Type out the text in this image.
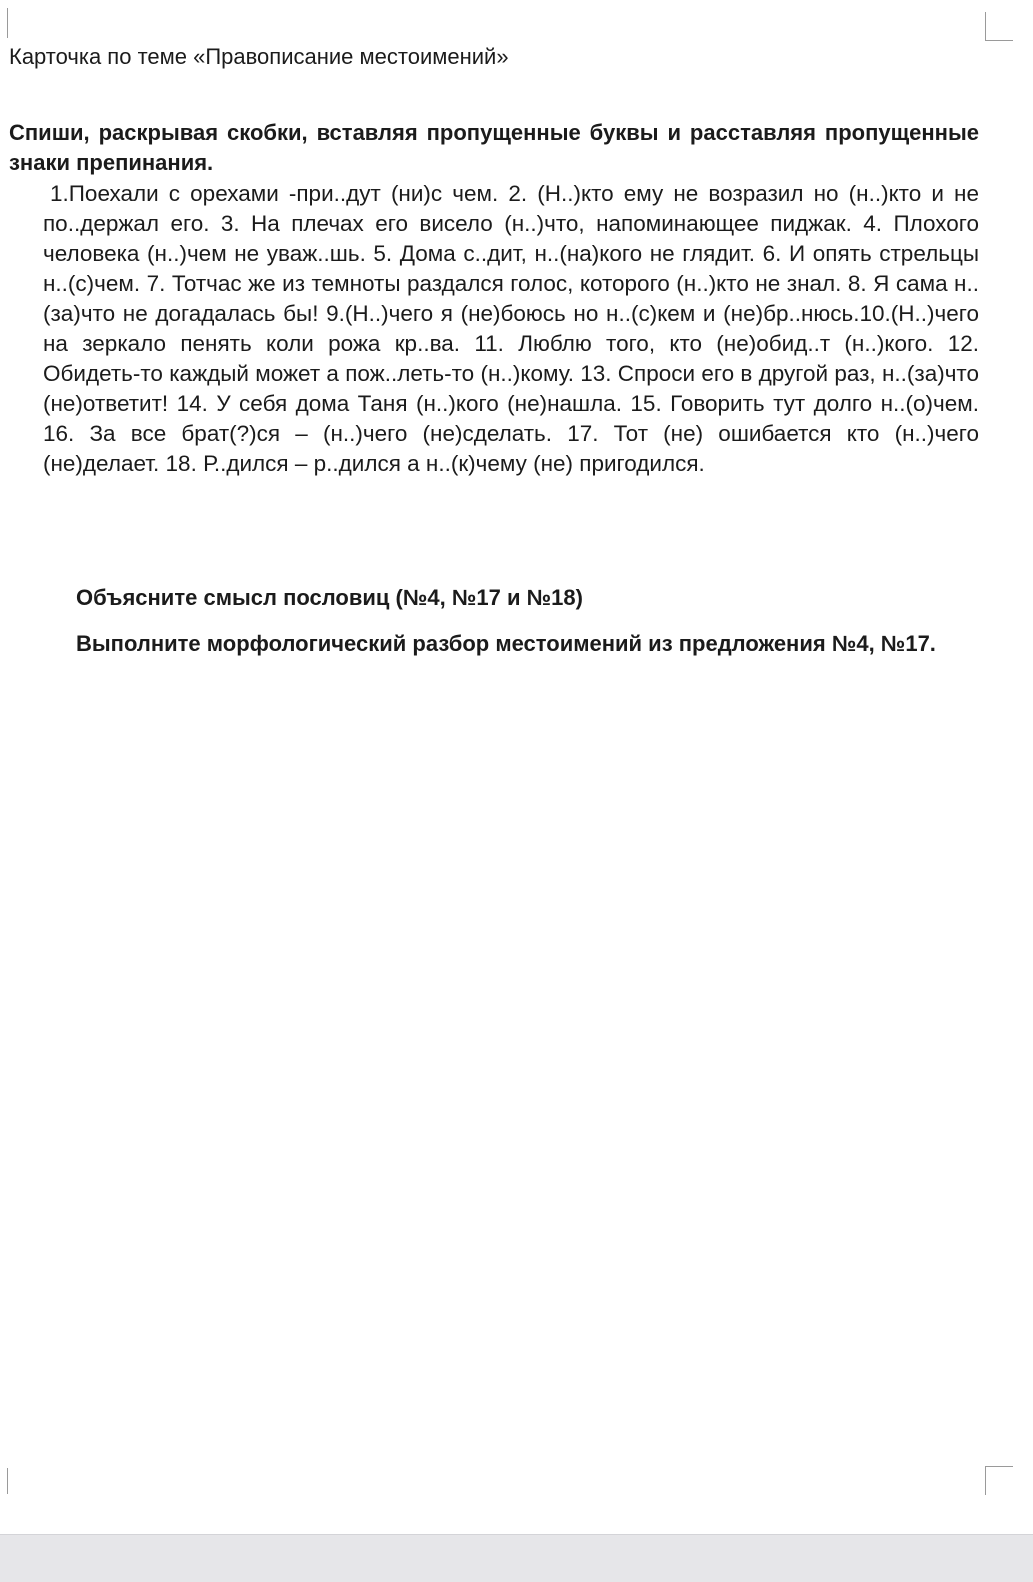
Карточка по теме «Правописание местоимений»
Спиши, раскрывая скобки, вставляя пропущенные буквы и расставляя пропущенные знаки препинания.
1.Поехали с орехами -при..дут (ни)с чем. 2. (Н..)кто ему не возразил но (н..)кто и не по..держал его. 3. На плечах его висело (н..)что, напоминающее пиджак. 4. Плохого человека (н..)чем не уваж..шь. 5. Дома с..дит, н..(на)кого не глядит. 6. И опять стрельцы н..(с)чем. 7. Тотчас же из темноты раздался голос, которого (н..)кто не знал. 8. Я сама н..(за)что не догадалась бы! 9.(Н..)чего я (не)боюсь но н..(с)кем и (не)бр..нюсь.10.(Н..)чего на зеркало пенять коли рожа кр..ва. 11. Люблю того, кто (не)обид..т (н..)кого. 12. Обидеть-то каждый может а пож..леть-то (н..)кому. 13. Спроси его в другой раз, н..(за)что (не)ответит! 14. У себя дома Таня (н..)кого (не)нашла. 15. Говорить тут долго н..(о)чем. 16. За все брат(?)ся – (н..)чего (не)сделать. 17. Тот (не) ошибается кто (н..)чего (не)делает. 18. Р..дился – р..дился а н..(к)чему (не) пригодился.
Объясните смысл пословиц (№4, №17 и №18)
Выполните морфологический разбор местоимений из предложения №4, №17.
